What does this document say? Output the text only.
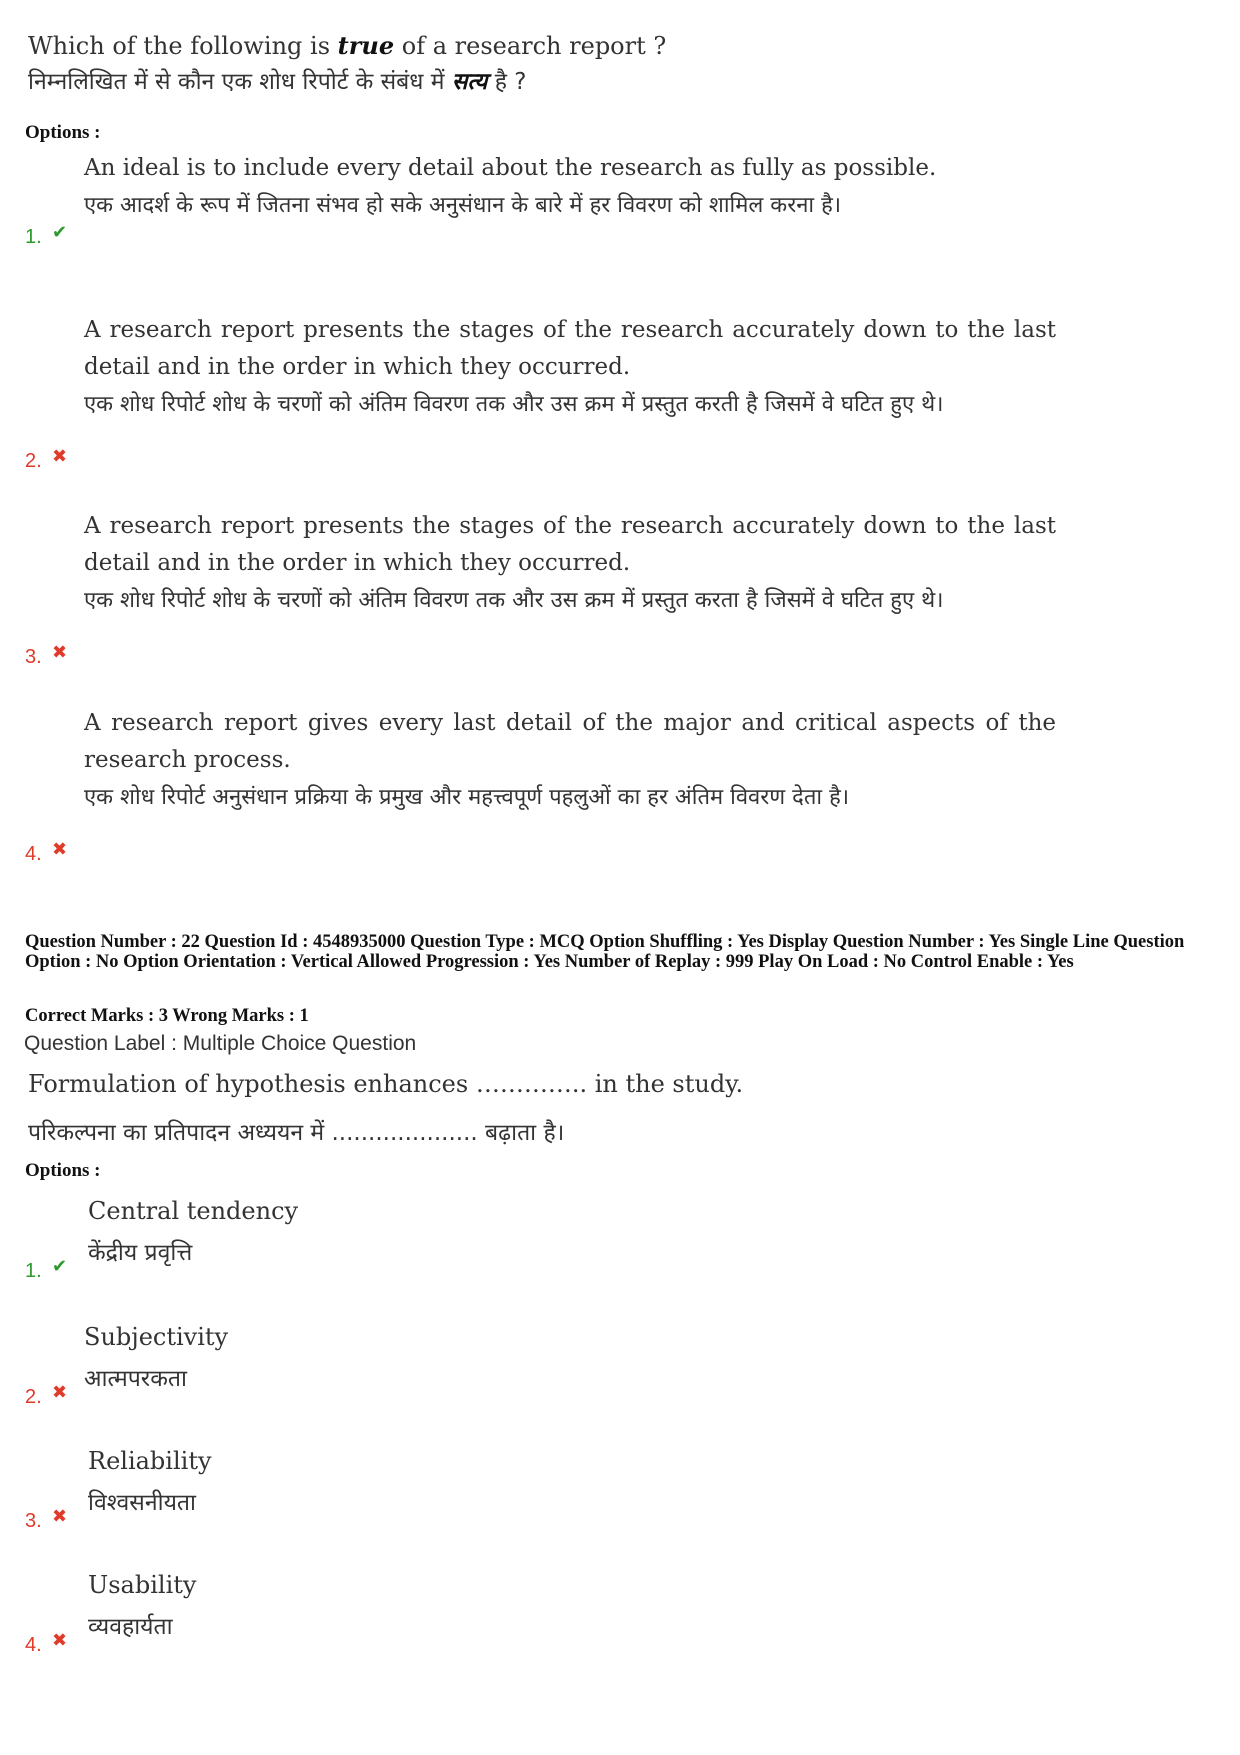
Which of the following is true of a research report ?
निम्नलिखित में से कौन एक शोध रिपोर्ट के संबंध में सत्य है ?
Options :
An ideal is to include every detail about the research as fully as possible.
एक आदर्श के रूप में जितना संभव हो सके अनुसंधान के बारे में हर विवरण को शामिल करना है।
1. ✔
A research report presents the stages of the research accurately down to the last detail and in the order in which they occurred.
एक शोध रिपोर्ट शोध के चरणों को अंतिम विवरण तक और उस क्रम में प्रस्तुत करती है जिसमें वे घटित हुए थे।
2. ✖
A research report presents the stages of the research accurately down to the last detail and in the order in which they occurred.
एक शोध रिपोर्ट शोध के चरणों को अंतिम विवरण तक और उस क्रम में प्रस्तुत करता है जिसमें वे घटित हुए थे।
3. ✖
A research report gives every last detail of the major and critical aspects of the research process.
एक शोध रिपोर्ट अनुसंधान प्रक्रिया के प्रमुख और महत्त्वपूर्ण पहलुओं का हर अंतिम विवरण देता है।
4. ✖
Question Number : 22 Question Id : 4548935000 Question Type : MCQ Option Shuffling : Yes Display Question Number : Yes Single Line Question Option : No Option Orientation : Vertical Allowed Progression : Yes Number of Replay : 999 Play On Load : No Control Enable : Yes
Correct Marks : 3 Wrong Marks : 1
Question Label : Multiple Choice Question
Formulation of hypothesis enhances ………….. in the study.
परिकल्पना का प्रतिपादन अध्ययन में .................... बढ़ाता है।
Options :
Central tendency
केंद्रीय प्रवृत्ति
1. ✔
Subjectivity
आत्मपरकता
2. ✖
Reliability
विश्वसनीयता
3. ✖
Usability
व्यवहार्यता
4. ✖
